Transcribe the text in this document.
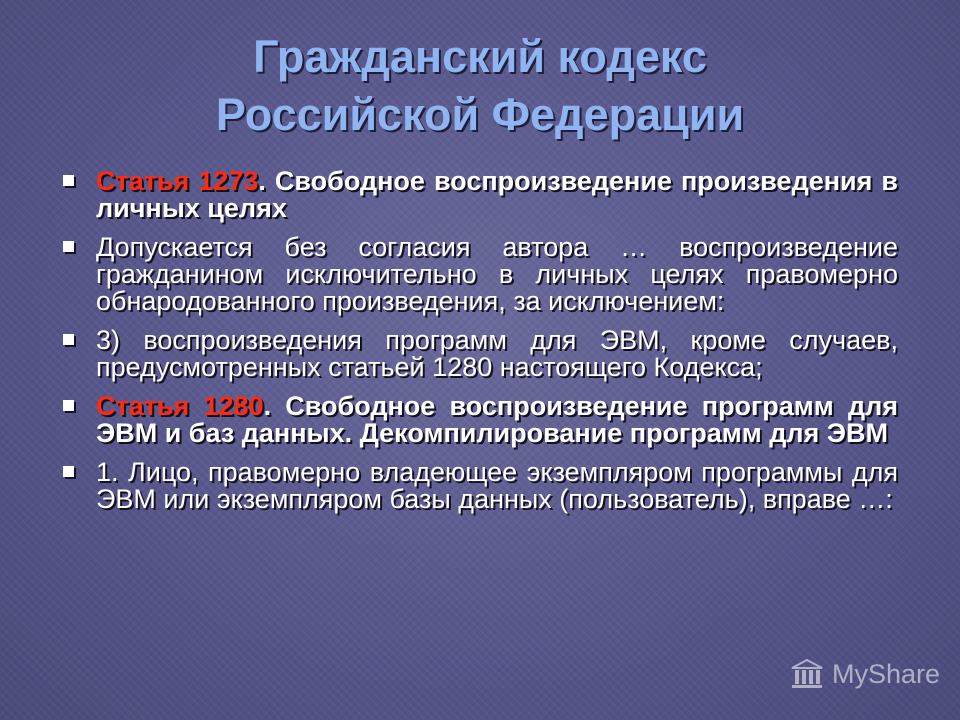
Гражданский кодекс
Российской Федерации
Статья 1273. Свободное воспроизведение произведения в личных целях
Допускается без согласия автора … воспроизведение гражданином исключительно в личных целях правомерно обнародованного произведения, за исключением:
3) воспроизведения программ для ЭВМ, кроме случаев, предусмотренных статьей 1280 настоящего Кодекса;
Статья 1280. Свободное воспроизведение программ для ЭВМ и баз данных. Декомпилирование программ для ЭВМ
1. Лицо, правомерно владеющее экземпляром программы для ЭВМ или экземпляром базы данных (пользователь), вправе …:
MyShare
